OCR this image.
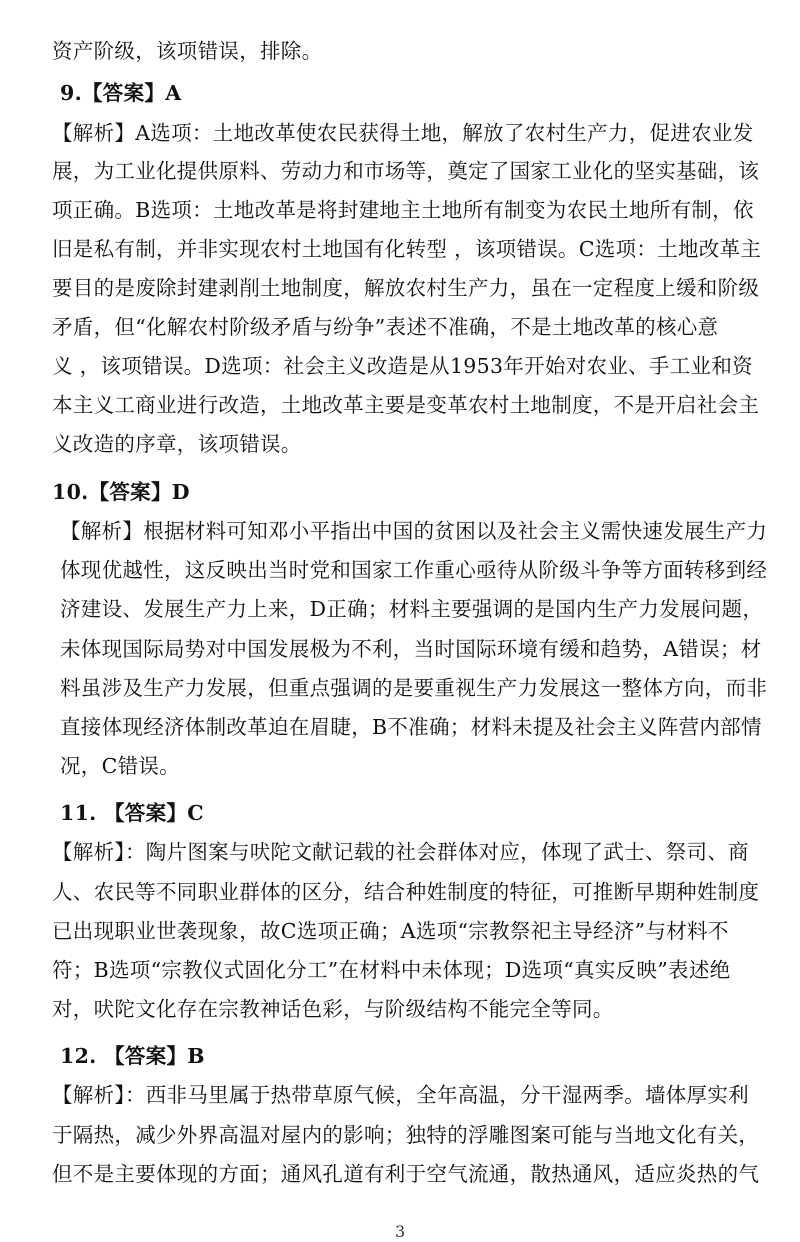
资产阶级，该项错误，排除。
9.【答案】A
【解析】A选项：土地改革使农民获得土地，解放了农村生产力，促进农业发
展，为工业化提供原料、劳动力和市场等，奠定了国家工业化的坚实基础，该
项正确。B选项：土地改革是将封建地主土地所有制变为农民土地所有制，依
旧是私有制，并非实现农村土地国有化转型 ，该项错误。C选项：土地改革主
要目的是废除封建剥削土地制度，解放农村生产力，虽在一定程度上缓和阶级
矛盾，但“化解农村阶级矛盾与纷争”表述不准确，不是土地改革的核心意
义 ，该项错误。D选项：社会主义改造是从1953年开始对农业、手工业和资
本主义工商业进行改造，土地改革主要是变革农村土地制度，不是开启社会主
义改造的序章，该项错误。
10.【答案】D
【解析】根据材料可知邓小平指出中国的贫困以及社会主义需快速发展生产力
体现优越性，这反映出当时党和国家工作重心亟待从阶级斗争等方面转移到经
济建设、发展生产力上来，D正确；材料主要强调的是国内生产力发展问题，
未体现国际局势对中国发展极为不利，当时国际环境有缓和趋势，A错误；材
料虽涉及生产力发展，但重点强调的是要重视生产力发展这一整体方向，而非
直接体现经济体制改革迫在眉睫，B不准确；材料未提及社会主义阵营内部情
况，C错误。
11. 【答案】C
【解析】：陶片图案与吠陀文献记载的社会群体对应，体现了武士、祭司、商
人、农民等不同职业群体的区分，结合种姓制度的特征，可推断早期种姓制度
已出现职业世袭现象，故C选项正确；A选项“宗教祭祀主导经济”与材料不
符；B选项“宗教仪式固化分工”在材料中未体现；D选项“真实反映”表述绝
对，吠陀文化存在宗教神话色彩，与阶级结构不能完全等同。
12. 【答案】B
【解析】：西非马里属于热带草原气候，全年高温，分干湿两季。墙体厚实利
于隔热，减少外界高温对屋内的影响；独特的浮雕图案可能与当地文化有关，
但不是主要体现的方面；通风孔道有利于空气流通，散热通风，适应炎热的气
3
